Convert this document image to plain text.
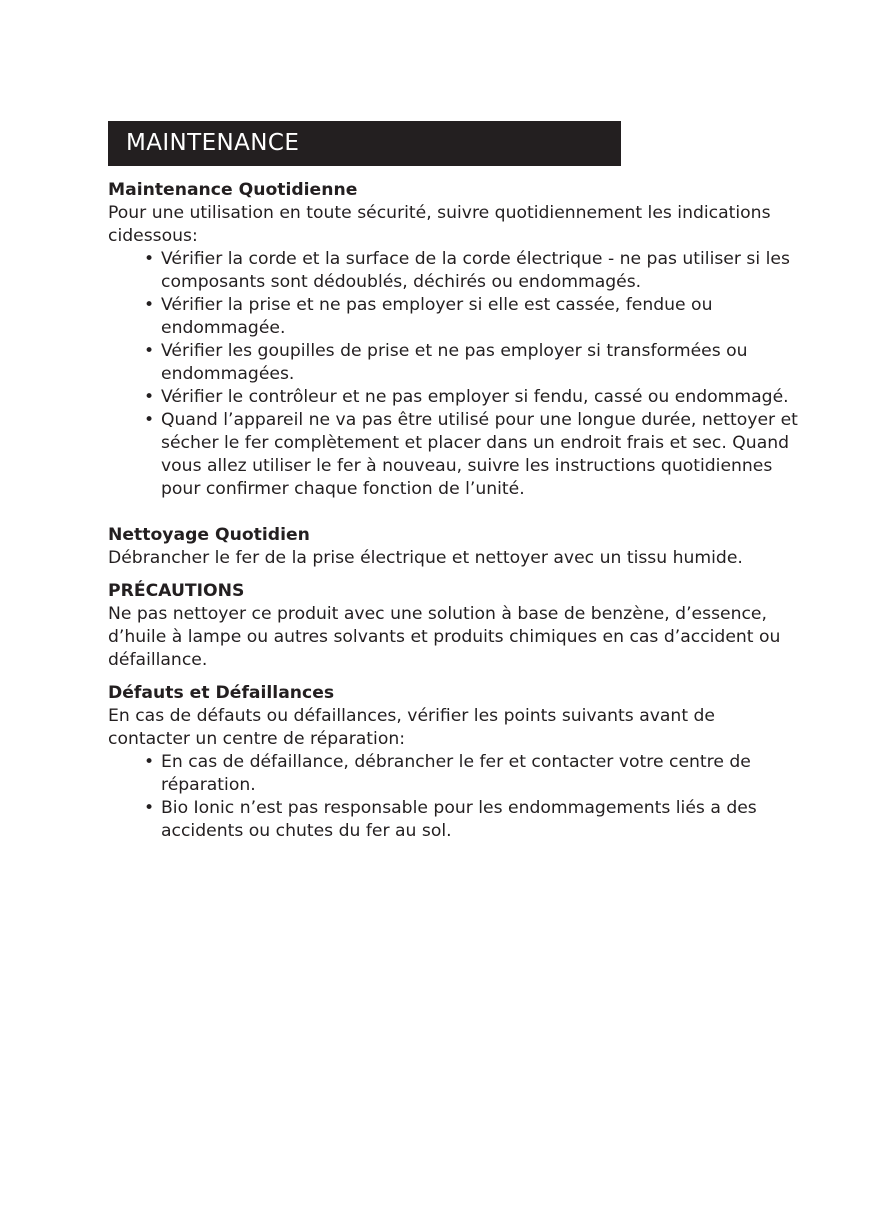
MAINTENANCE

Maintenance Quotidienne

Pour une utilisation en toute sécurité, suivre quotidiennement les indications cidessous:

• Vérifier la corde et la surface de la corde électrique - ne pas utiliser si les composants sont dédoublés, déchirés ou endommagés.
• Vérifier la prise et ne pas employer si elle est cassée, fendue ou endommagée.
• Vérifier les goupilles de prise et ne pas employer si transformées ou endommagées.
• Vérifier le contrôleur et ne pas employer si fendu, cassé ou endommagé.
• Quand l’appareil ne va pas être utilisé pour une longue durée, nettoyer et sécher le fer complètement et placer dans un endroit frais et sec. Quand vous allez utiliser le fer à nouveau, suivre les instructions quotidiennes pour confirmer chaque fonction de l’unité.

Nettoyage Quotidien

Débrancher le fer de la prise électrique et nettoyer avec un tissu humide.

PRÉCAUTIONS

Ne pas nettoyer ce produit avec une solution à base de benzène, d’essence, d’huile à lampe ou autres solvants et produits chimiques en cas d’accident ou défaillance.

Défauts et Défaillances

En cas de défauts ou défaillances, vérifier les points suivants avant de contacter un centre de réparation:

• En cas de défaillance, débrancher le fer et contacter votre centre de réparation.
• Bio Ionic n’est pas responsable pour les endommagements liés a des accidents ou chutes du fer au sol.
